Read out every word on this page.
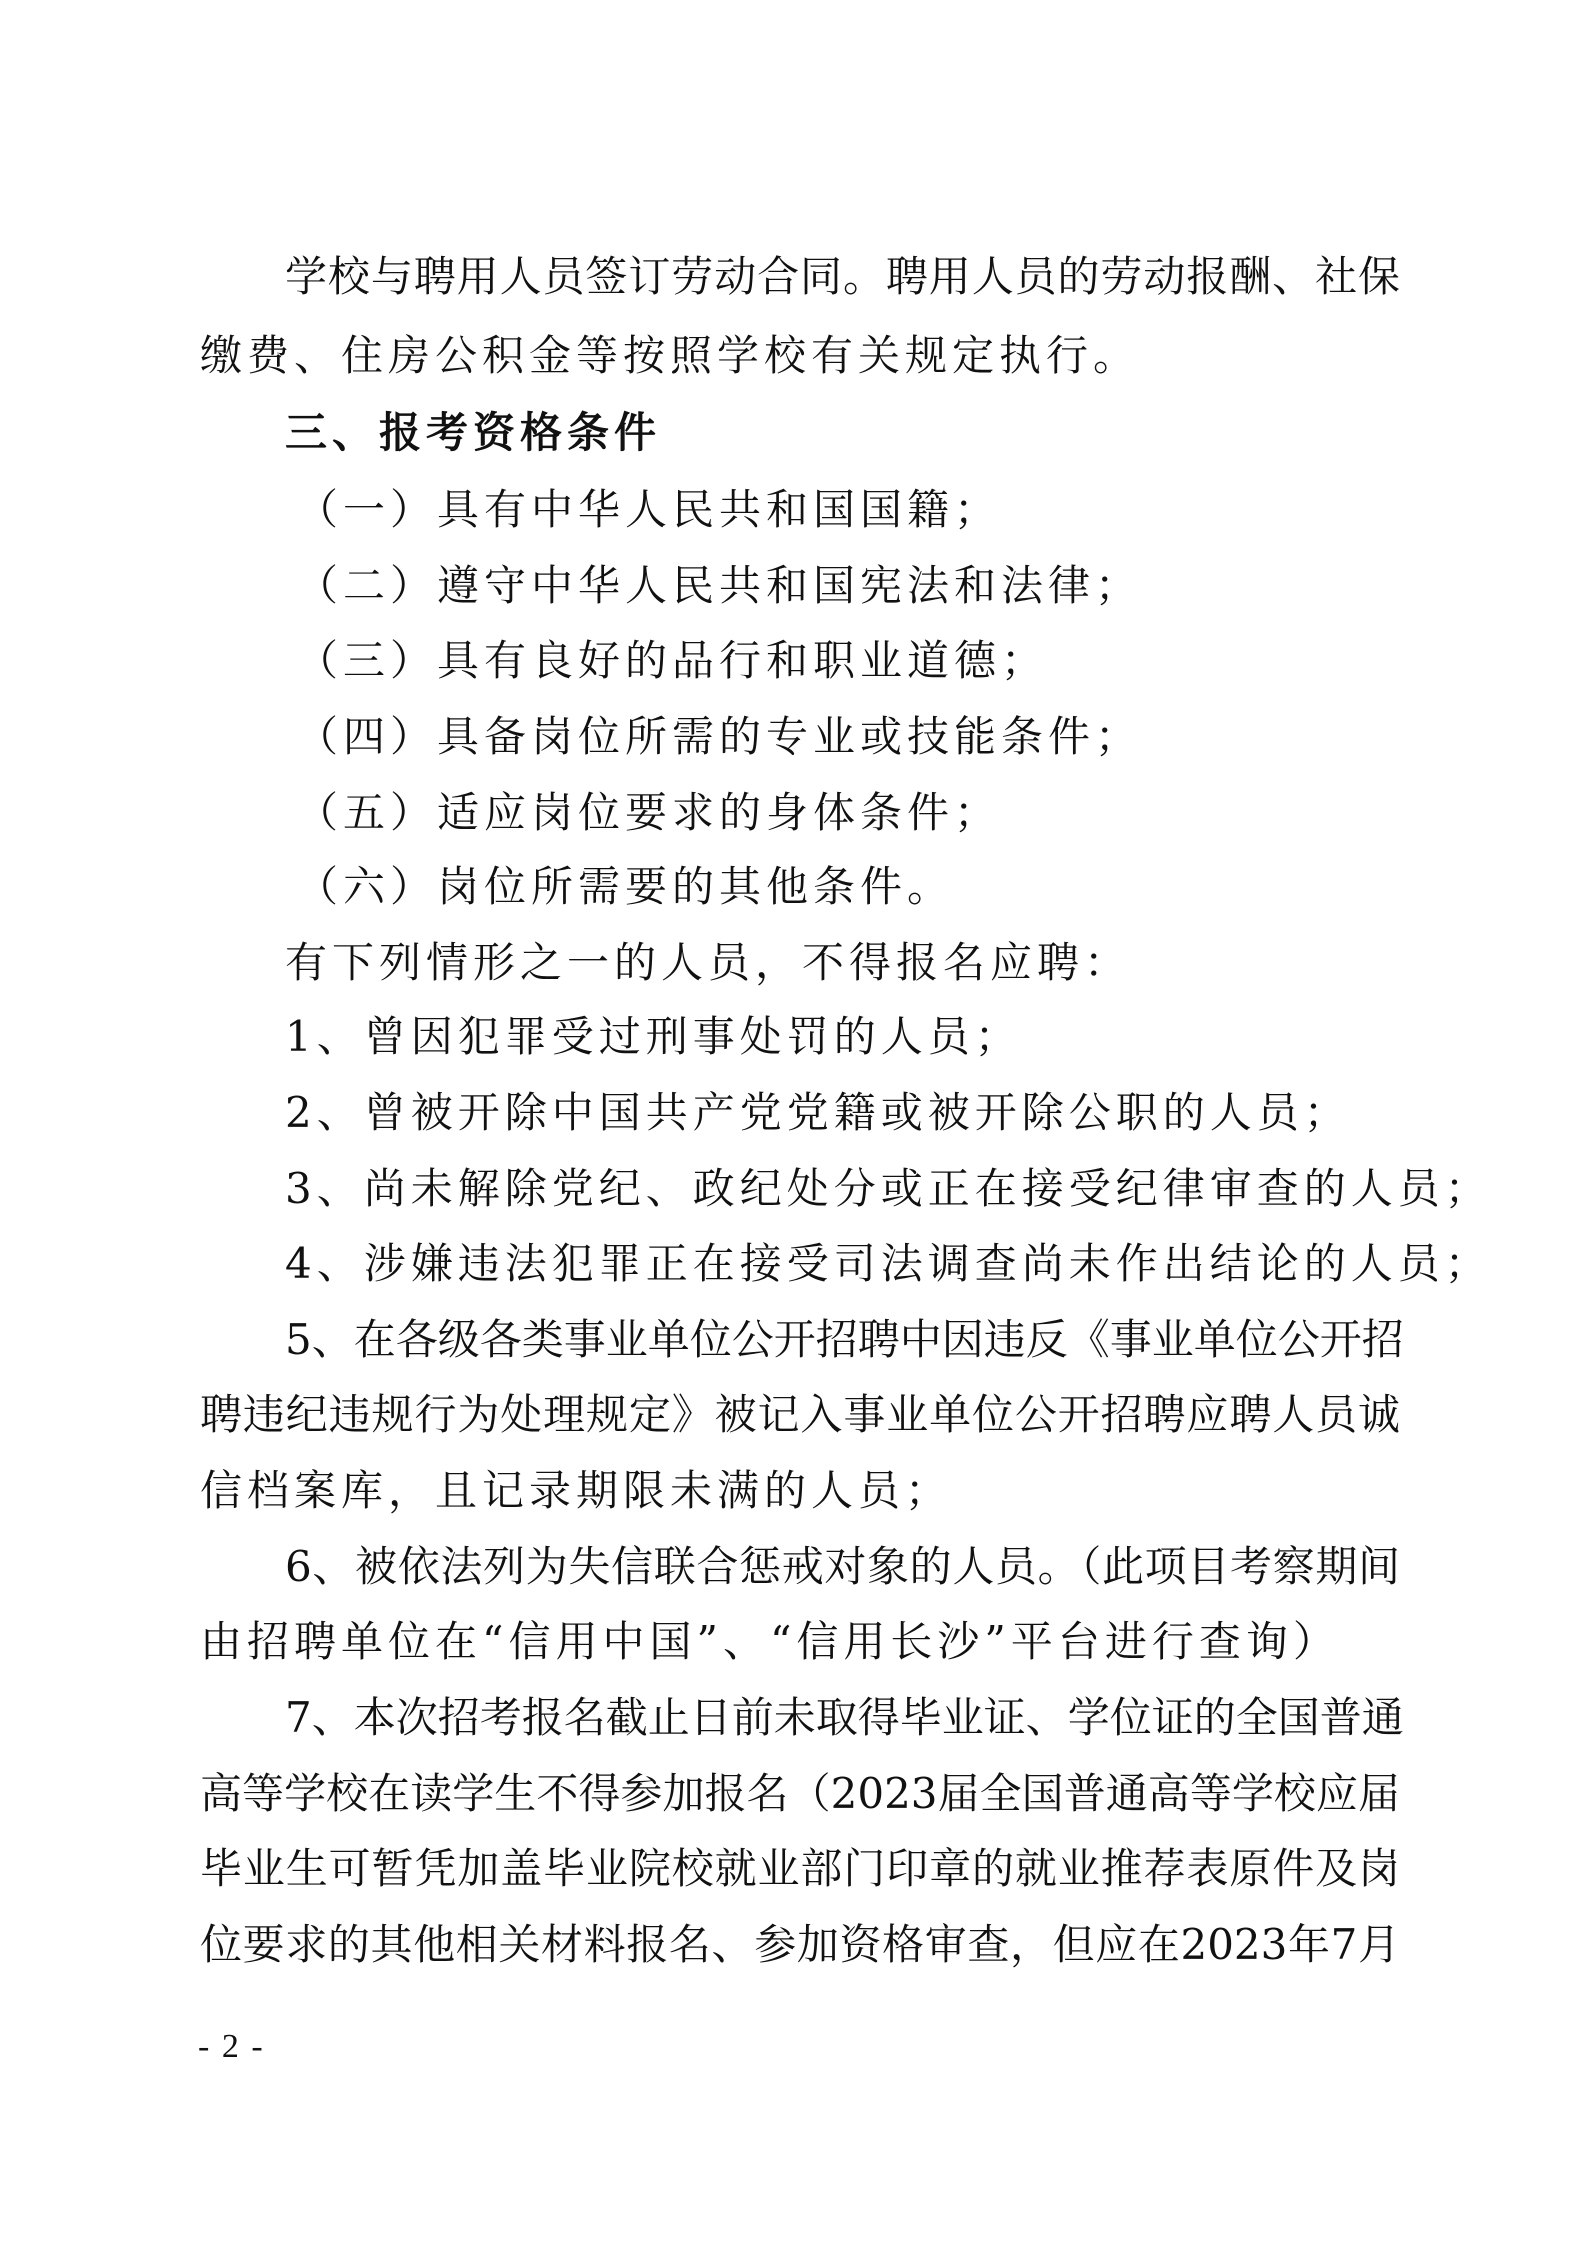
学校与聘用人员签订劳动合同。聘用人员的劳动报酬、社保
缴费、住房公积金等按照学校有关规定执行。
三、报考资格条件
（一）具有中华人民共和国国籍；
（二）遵守中华人民共和国宪法和法律；
（三）具有良好的品行和职业道德；
（四）具备岗位所需的专业或技能条件；
（五）适应岗位要求的身体条件；
（六）岗位所需要的其他条件。
有下列情形之一的人员，不得报名应聘：
1、曾因犯罪受过刑事处罚的人员；
2、曾被开除中国共产党党籍或被开除公职的人员；
3、尚未解除党纪、政纪处分或正在接受纪律审查的人员；
4、涉嫌违法犯罪正在接受司法调查尚未作出结论的人员；
5、在各级各类事业单位公开招聘中因违反《事业单位公开招
聘违纪违规行为处理规定》被记入事业单位公开招聘应聘人员诚
信档案库，且记录期限未满的人员；
6、被依法列为失信联合惩戒对象的人员。（此项目考察期间
由招聘单位在“信用中国”、“信用长沙”平台进行查询）
7、本次招考报名截止日前未取得毕业证、学位证的全国普通
高等学校在读学生不得参加报名（2023届全国普通高等学校应届
毕业生可暂凭加盖毕业院校就业部门印章的就业推荐表原件及岗
位要求的其他相关材料报名、参加资格审查，但应在2023年7月
- 2 -
